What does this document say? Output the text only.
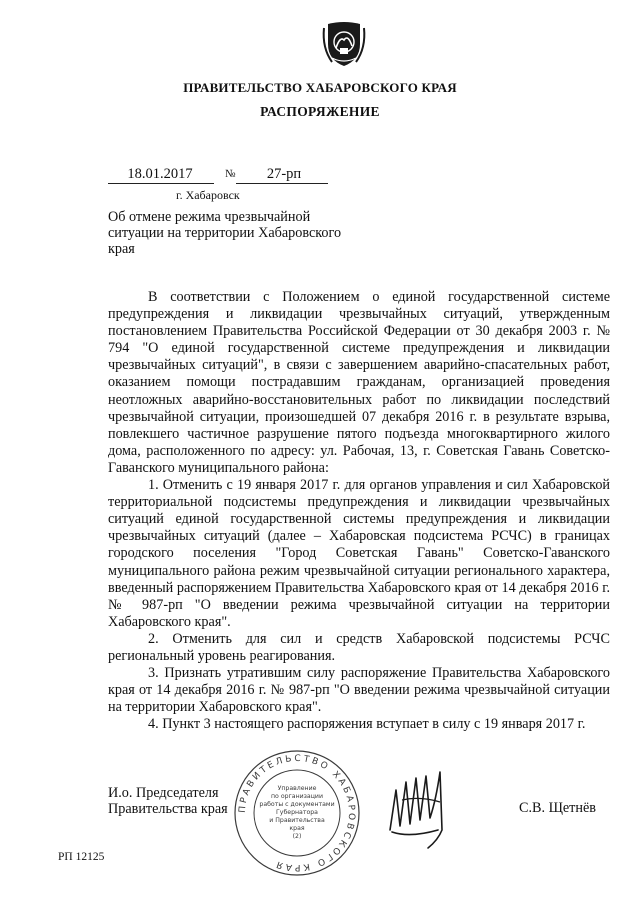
ПРАВИТЕЛЬСТВО ХАБАРОВСКОГО КРАЯ
РАСПОРЯЖЕНИЕ
18.01.2017	№	27-рп
г. Хабаровск
Об отмене режима чрезвычайной ситуации на территории Хабаровского края

В соответствии с Положением о единой государственной системе предупреждения и ликвидации чрезвычайных ситуаций, утвержденным постановлением Правительства Российской Федерации от 30 декабря 2003 г. № 794 "О единой государственной системе предупреждения и ликвидации чрезвычайных ситуаций", в связи с завершением аварийно-спасательных работ, оказанием помощи пострадавшим гражданам, организацией проведения неотложных аварийно-восстановительных работ по ликвидации последствий чрезвычайной ситуации, произошедшей 07 декабря 2016 г. в результате взрыва, повлекшего частичное разрушение пятого подъезда многоквартирного жилого дома, расположенного по адресу: ул. Рабочая, 13, г. Советская Гавань Советско-Гаванского муниципального района:

1. Отменить с 19 января 2017 г. для органов управления и сил Хабаровской территориальной подсистемы предупреждения и ликвидации чрезвычайных ситуаций единой государственной системы предупреждения и ликвидации чрезвычайных ситуаций (далее – Хабаровская подсистема РСЧС) в границах городского поселения "Город Советская Гавань" Советско-Гаванского муниципального района режим чрезвычайной ситуации регионального характера, введенный распоряжением Правительства Хабаровского края от 14 декабря 2016 г. № 987-рп "О введении режима чрезвычайной ситуации на территории Хабаровского края".

2. Отменить для сил и средств Хабаровской подсистемы РСЧС региональный уровень реагирования.

3. Признать утратившим силу распоряжение Правительства Хабаровского края от 14 декабря 2016 г. № 987-рп "О введении режима чрезвычайной ситуации на территории Хабаровского края".

4. Пункт 3 настоящего распоряжения вступает в силу с 19 января 2017 г.

И.о. Председателя
Правительства края ПРАВИТЕЛЬСТВО ХАБАРОВСКОГО КРАЯ
Управление
по организации
работы с документами
Губернатора
и Правительства
края
(2)
С.В. Щетнёв
РП 12125
